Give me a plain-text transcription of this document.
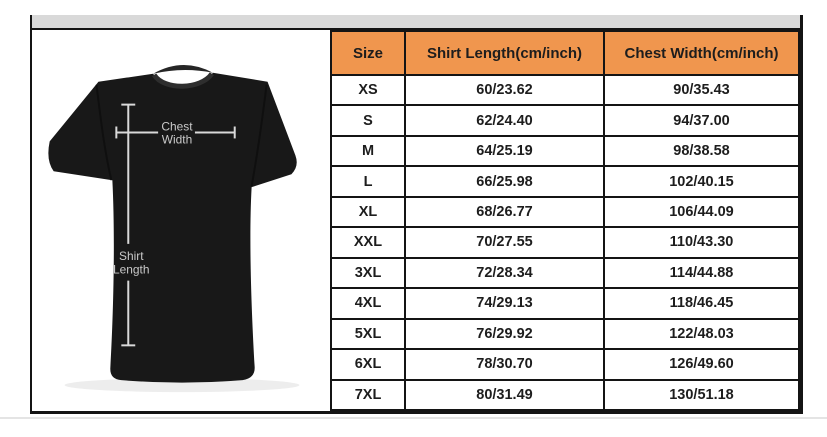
Shirt
Length
Chest
Width
Size	Shirt Length(cm/inch)	Chest Width(cm/inch)
XS	60/23.62	90/35.43
S	62/24.40	94/37.00
M	64/25.19	98/38.58
L	66/25.98	102/40.15
XL	68/26.77	106/44.09
XXL	70/27.55	110/43.30
3XL	72/28.34	114/44.88
4XL	74/29.13	118/46.45
5XL	76/29.92	122/48.03
6XL	78/30.70	126/49.60
7XL	80/31.49	130/51.18
